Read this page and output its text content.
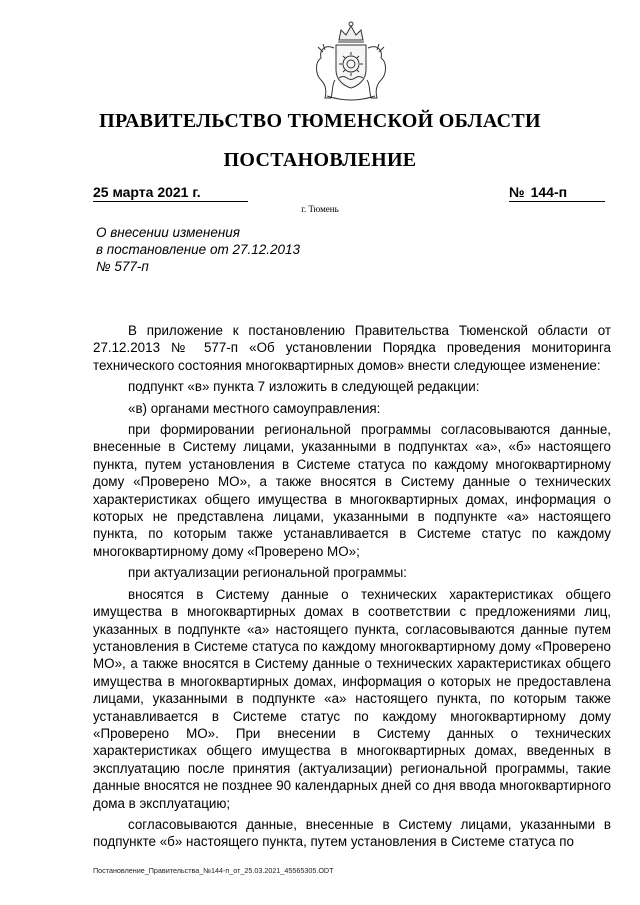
ПРАВИТЕЛЬСТВО ТЮМЕНСКОЙ ОБЛАСТИ
ПОСТАНОВЛЕНИЕ
25 марта 2021 г.	№ 144-п
г. Тюмень
О внесении изменения
в постановление от 27.12.2013
№ 577-п

В приложение к постановлению Правительства Тюменской области от 27.12.2013 № 577-п «Об установлении Порядка проведения мониторинга технического состояния многоквартирных домов» внести следующее изменение:

подпункт «в» пункта 7 изложить в следующей редакции:

«в) органами местного самоуправления:

при формировании региональной программы согласовываются данные, внесенные в Систему лицами, указанными в подпунктах «а», «б» настоящего пункта, путем установления в Системе статуса по каждому многоквартирному дому «Проверено МО», а также вносятся в Систему данные о технических характеристиках общего имущества в многоквартирных домах, информация о которых не представлена лицами, указанными в подпункте «а» настоящего пункта, по которым также устанавливается в Системе статус по каждому многоквартирному дому «Проверено МО»;

при актуализации региональной программы:

вносятся в Систему данные о технических характеристиках общего имущества в многоквартирных домах в соответствии с предложениями лиц, указанных в подпункте «а» настоящего пункта, согласовываются данные путем установления в Системе статуса по каждому многоквартирному дому «Проверено МО», а также вносятся в Систему данные о технических характеристиках общего имущества в многоквартирных домах, информация о которых не предоставлена лицами, указанными в подпункте «а» настоящего пункта, по которым также устанавливается в Системе статус по каждому многоквартирному дому «Проверено МО». При внесении в Систему данных о технических характеристиках общего имущества в многоквартирных домах, введенных в эксплуатацию после принятия (актуализации) региональной программы, такие данные вносятся не позднее 90 календарных дней со дня ввода многоквартирного дома в эксплуатацию;

согласовываются данные, внесенные в Систему лицами, указанными в подпункте «б» настоящего пункта, путем установления в Системе статуса по

Постановление_Правительства_№144-п_от_25.03.2021_45565305.ODT
